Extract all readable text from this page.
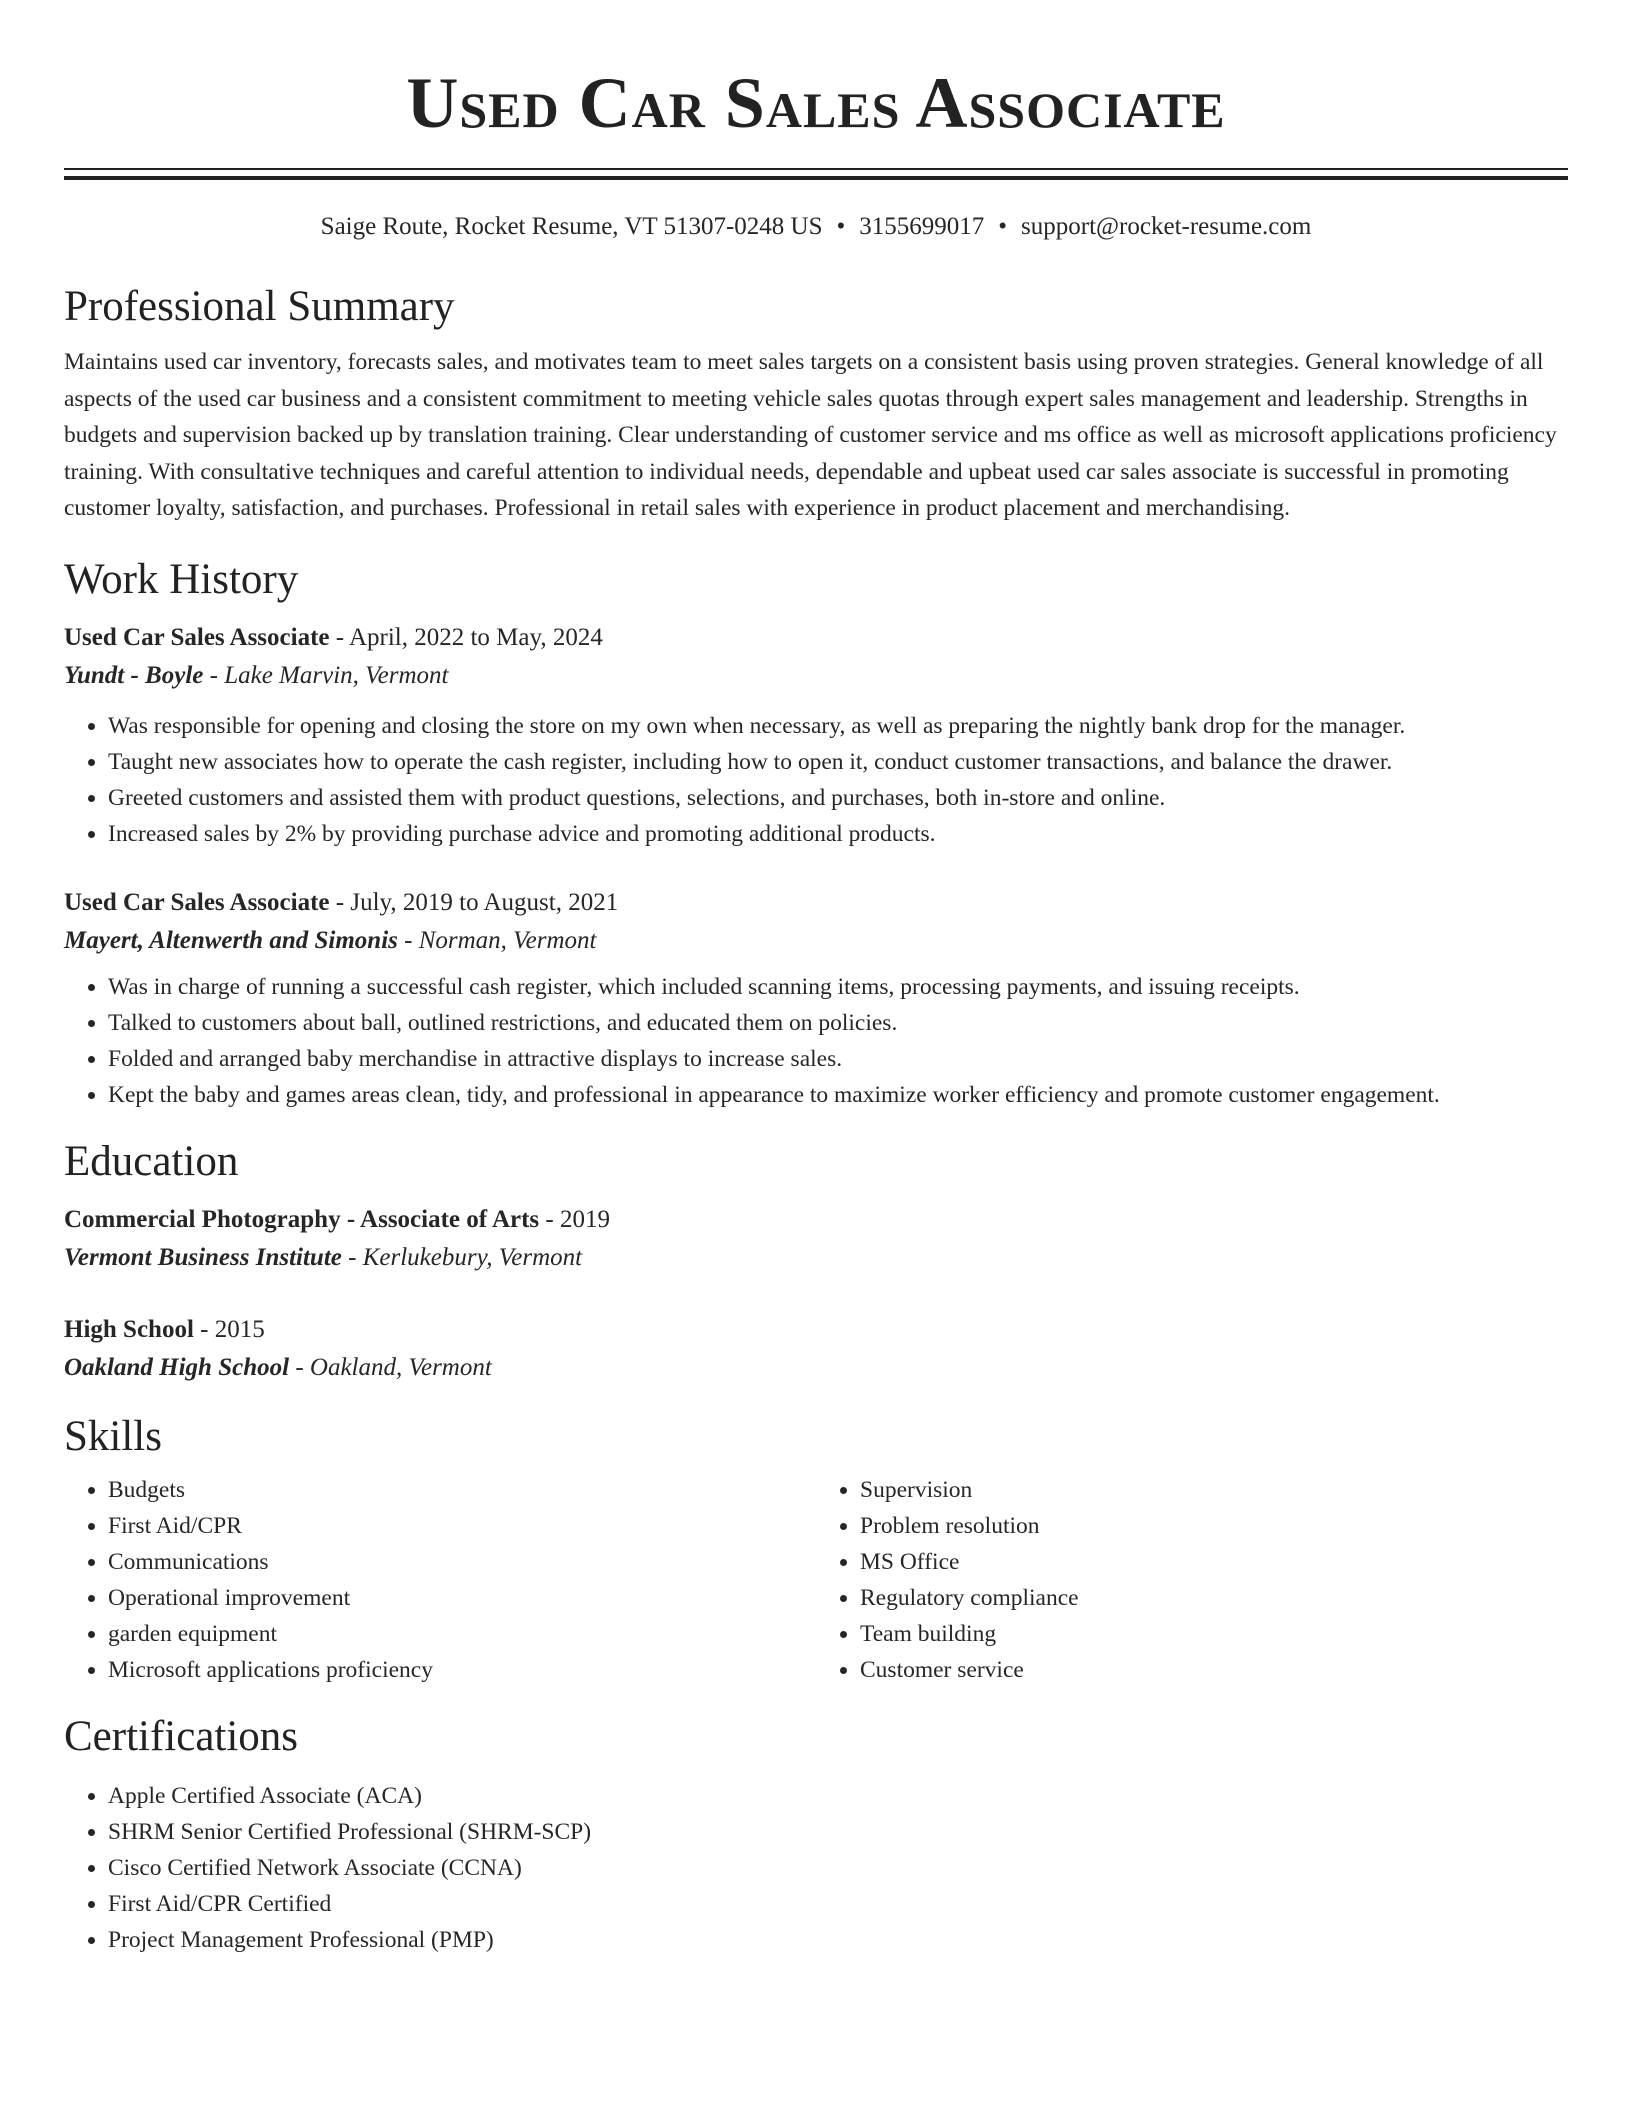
Used Car Sales Associate
Saige Route, Rocket Resume, VT 51307-0248 US • 3155699017 • support@rocket-resume.com
Professional Summary

Maintains used car inventory, forecasts sales, and motivates team to meet sales targets on a consistent basis using proven strategies. General knowledge of all aspects of the used car business and a consistent commitment to meeting vehicle sales quotas through expert sales management and leadership. Strengths in budgets and supervision backed up by translation training. Clear understanding of customer service and ms office as well as microsoft applications proficiency training. With consultative techniques and careful attention to individual needs, dependable and upbeat used car sales associate is successful in promoting customer loyalty, satisfaction, and purchases. Professional in retail sales with experience in product placement and merchandising.

Work History
Used Car Sales Associate - April, 2022 to May, 2024
Yundt - Boyle - Lake Marvin, Vermont
• Was responsible for opening and closing the store on my own when necessary, as well as preparing the nightly bank drop for the manager.
• Taught new associates how to operate the cash register, including how to open it, conduct customer transactions, and balance the drawer.
• Greeted customers and assisted them with product questions, selections, and purchases, both in-store and online.
• Increased sales by 2% by providing purchase advice and promoting additional products.
Used Car Sales Associate - July, 2019 to August, 2021
Mayert, Altenwerth and Simonis - Norman, Vermont
• Was in charge of running a successful cash register, which included scanning items, processing payments, and issuing receipts.
• Talked to customers about ball, outlined restrictions, and educated them on policies.
• Folded and arranged baby merchandise in attractive displays to increase sales.
• Kept the baby and games areas clean, tidy, and professional in appearance to maximize worker efficiency and promote customer engagement.
Education
Commercial Photography - Associate of Arts - 2019
Vermont Business Institute - Kerlukebury, Vermont
High School - 2015
Oakland High School - Oakland, Vermont
Skills
• Budgets
• First Aid/CPR
• Communications
• Operational improvement
• garden equipment
• Microsoft applications proficiency
• Supervision
• Problem resolution
• MS Office
• Regulatory compliance
• Team building
• Customer service
Certifications
• Apple Certified Associate (ACA)
• SHRM Senior Certified Professional (SHRM-SCP)
• Cisco Certified Network Associate (CCNA)
• First Aid/CPR Certified
• Project Management Professional (PMP)
